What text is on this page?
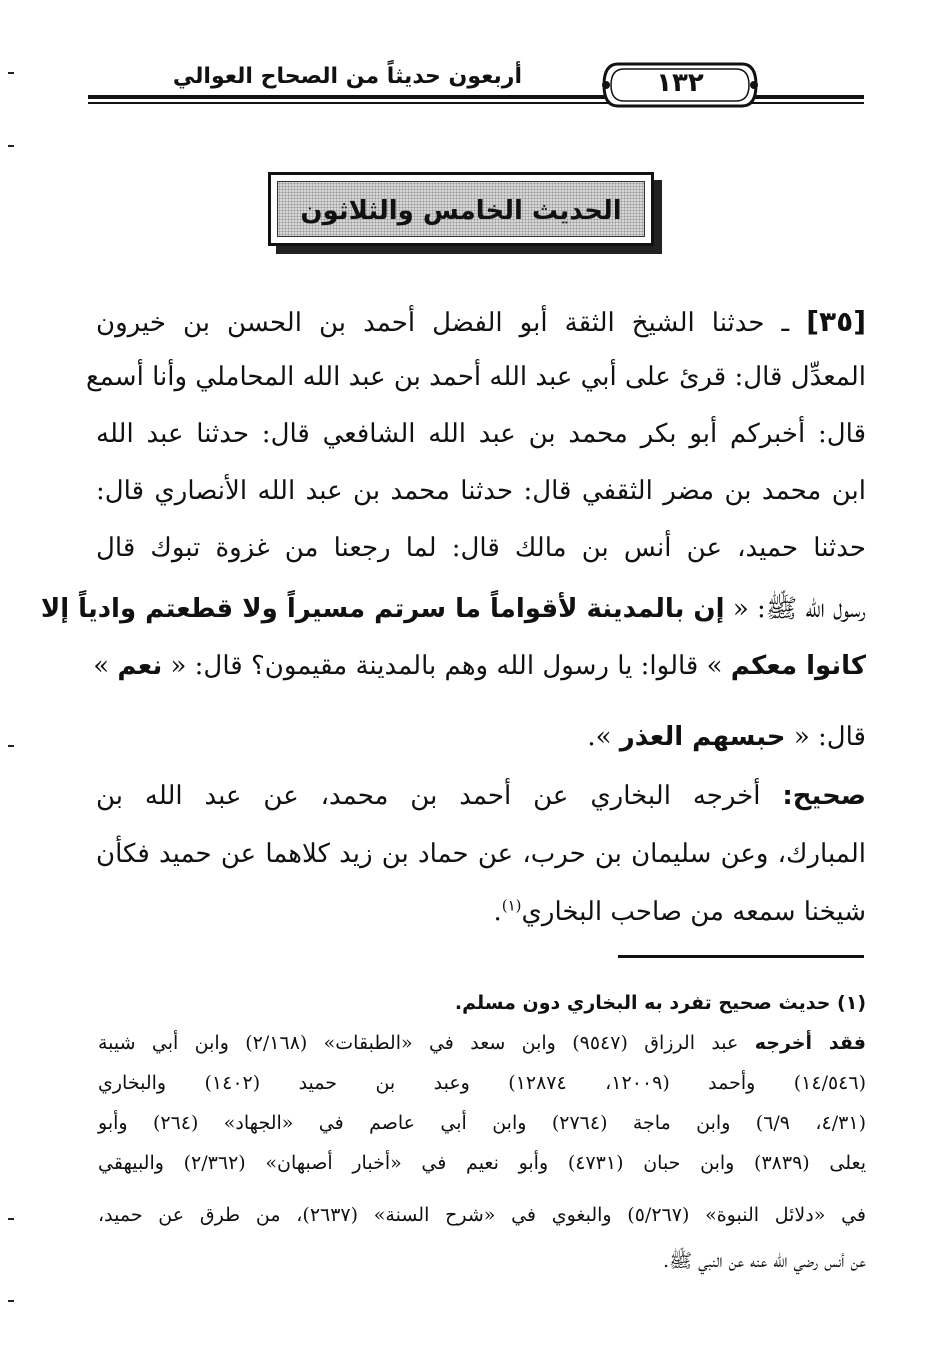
أربعون حديثاً من الصحاح العوالي	١٣٢
الحديث الخامس والثلاثون
[٣٥] ـ حدثنا الشيخ الثقة أبو الفضل أحمد بن الحسن بن خيرون
المعدِّل قال: قرئ على أبي عبد الله أحمد بن عبد الله المحاملي وأنا أسمع
قال: أخبركم أبو بكر محمد بن عبد الله الشافعي قال: حدثنا عبد الله
ابن محمد بن مضر الثقفي قال: حدثنا محمد بن عبد الله الأنصاري قال:
حدثنا حميد، عن أنس بن مالك قال: لما رجعنا من غزوة تبوك قال
رسول الله ﷺ: « إن بالمدينة لأقواماً ما سرتم مسيراً ولا قطعتم وادياً إلا
كانوا معكم » قالوا: يا رسول الله وهم بالمدينة مقيمون؟ قال: « نعم »
قال: « حبسهم العذر ».
صحيح: أخرجه البخاري عن أحمد بن محمد، عن عبد الله بن
المبارك، وعن سليمان بن حرب، عن حماد بن زيد كلاهما عن حميد فكأن
شيخنا سمعه من صاحب البخاري$^{(١)}$.
(١) حديث صحيح تفرد به البخاري دون مسلم.
فقد أخرجه عبد الرزاق (٩٥٤٧) وابن سعد في «الطبقات» (٢/١٦٨) وابن أبي شيبة
(١٤/٥٤٦) وأحمد (١٢٠٠٩، ١٢٨٧٤) وعبد بن حميد (١٤٠٢) والبخاري
(٤/٣١، ٦/٩) وابن ماجة (٢٧٦٤) وابن أبي عاصم في «الجهاد» (٢٦٤) وأبو
يعلى (٣٨٣٩) وابن حبان (٤٧٣١) وأبو نعيم في «أخبار أصبهان» (٢/٣٦٢) والبيهقي
في «دلائل النبوة» (٥/٢٦٧) والبغوي في «شرح السنة» (٢٦٣٧)، من طرق عن حميد،
عن أنس رضي الله عنه عن النبي ﷺ.
